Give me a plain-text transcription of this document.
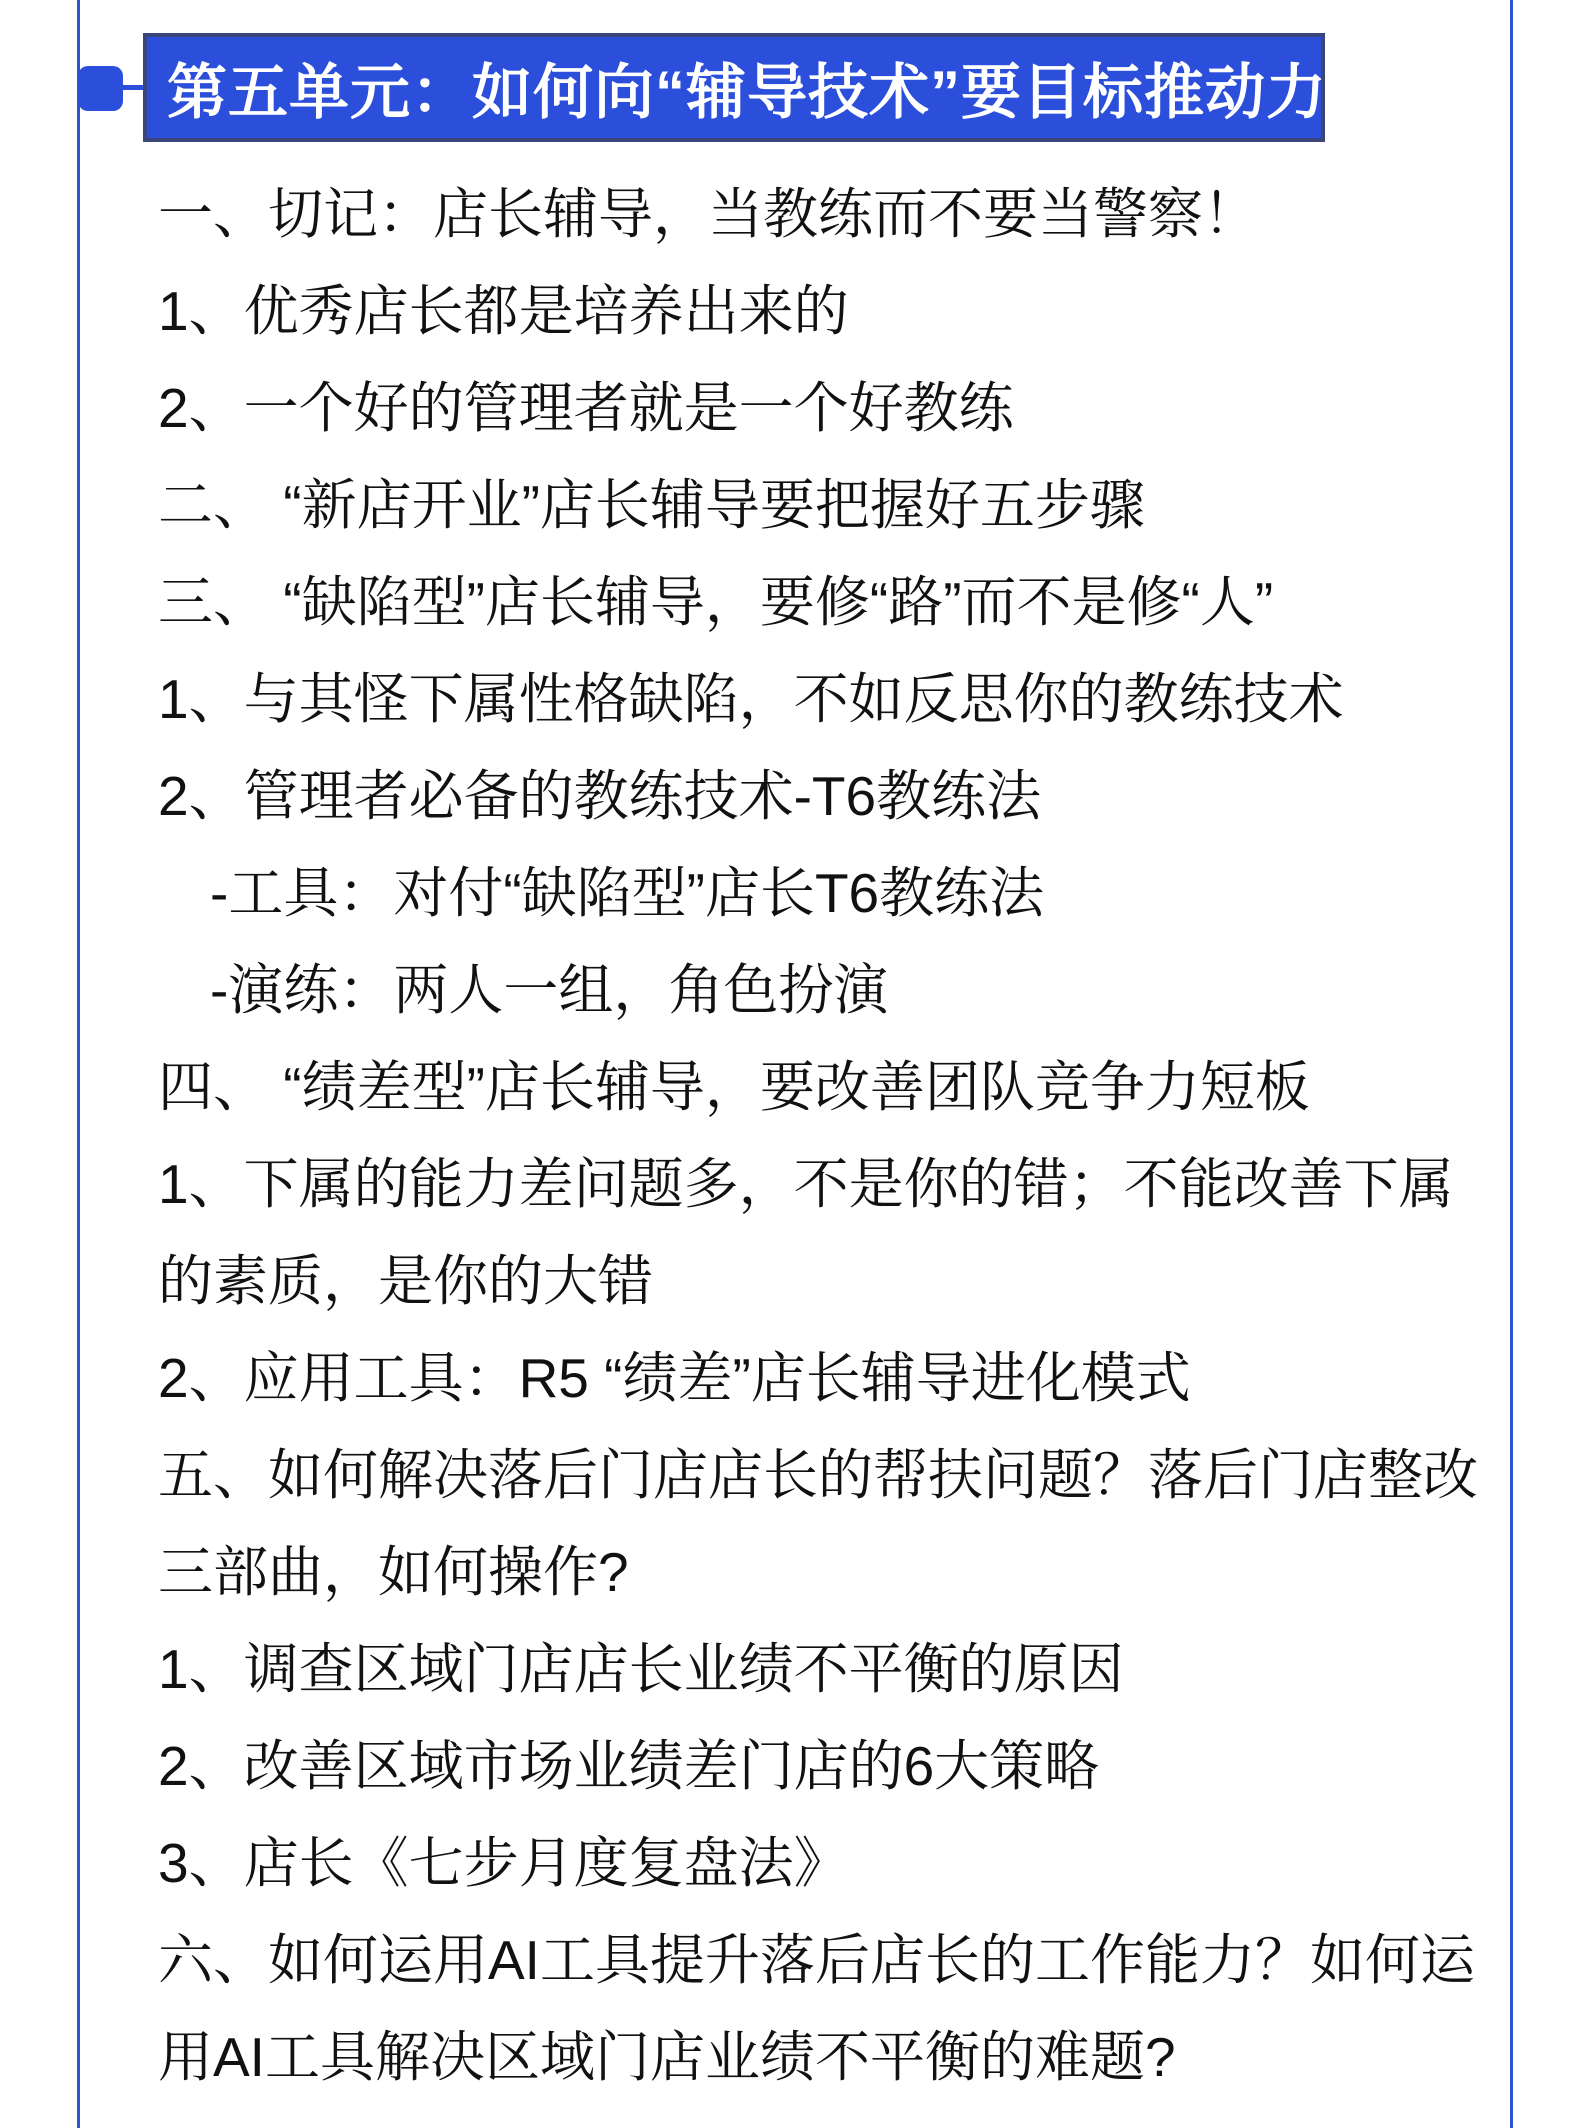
第五单元：如何向“辅导技术”要目标推动力
一、切记：店长辅导，当教练而不要当警察！
1、优秀店长都是培养出来的
2、一个好的管理者就是一个好教练
二、 “新店开业”店长辅导要把握好五步骤
三、 “缺陷型”店长辅导，要修“路”而不是修“人”
1、与其怪下属性格缺陷，不如反思你的教练技术
2、管理者必备的教练技术-T6教练法
-工具：对付“缺陷型”店长T6教练法
-演练：两人一组，角色扮演
四、 “绩差型”店长辅导，要改善团队竞争力短板
1、下属的能力差问题多，不是你的错；不能改善下属
的素质，是你的大错
2、应用工具：R5 “绩差”店长辅导进化模式
五、如何解决落后门店店长的帮扶问题？落后门店整改
三部曲，如何操作?
1、调查区域门店店长业绩不平衡的原因
2、改善区域市场业绩差门店的6大策略
3、店长《七步月度复盘法》
六、如何运用AI工具提升落后店长的工作能力？如何运
用AI工具解决区域门店业绩不平衡的难题?
